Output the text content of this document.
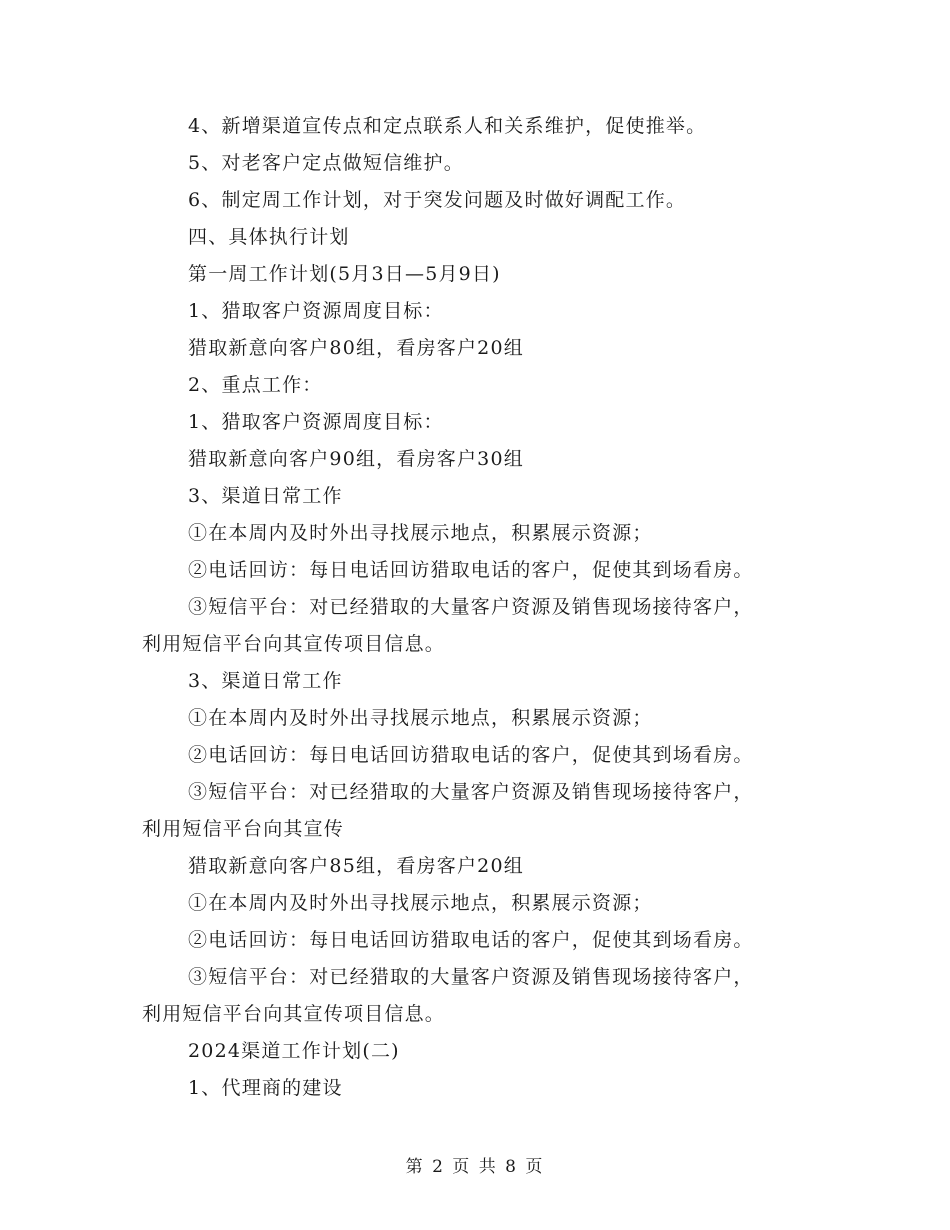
4、新增渠道宣传点和定点联系人和关系维护，促使推举。
5、对老客户定点做短信维护。
6、制定周工作计划，对于突发问题及时做好调配工作。
四、具体执行计划
第一周工作计划(5月3日—5月9日)
1、猎取客户资源周度目标：
猎取新意向客户80组，看房客户20组
2、重点工作：
1、猎取客户资源周度目标：
猎取新意向客户90组，看房客户30组
3、渠道日常工作
①在本周内及时外出寻找展示地点，积累展示资源；
②电话回访：每日电话回访猎取电话的客户，促使其到场看房。
③短信平台：对已经猎取的大量客户资源及销售现场接待客户，
利用短信平台向其宣传项目信息。
3、渠道日常工作
①在本周内及时外出寻找展示地点，积累展示资源；
②电话回访：每日电话回访猎取电话的客户，促使其到场看房。
③短信平台：对已经猎取的大量客户资源及销售现场接待客户，
利用短信平台向其宣传
猎取新意向客户85组，看房客户20组
①在本周内及时外出寻找展示地点，积累展示资源；
②电话回访：每日电话回访猎取电话的客户，促使其到场看房。
③短信平台：对已经猎取的大量客户资源及销售现场接待客户，
利用短信平台向其宣传项目信息。
2024渠道工作计划(二)
1、代理商的建设
第 2 页 共 8 页
